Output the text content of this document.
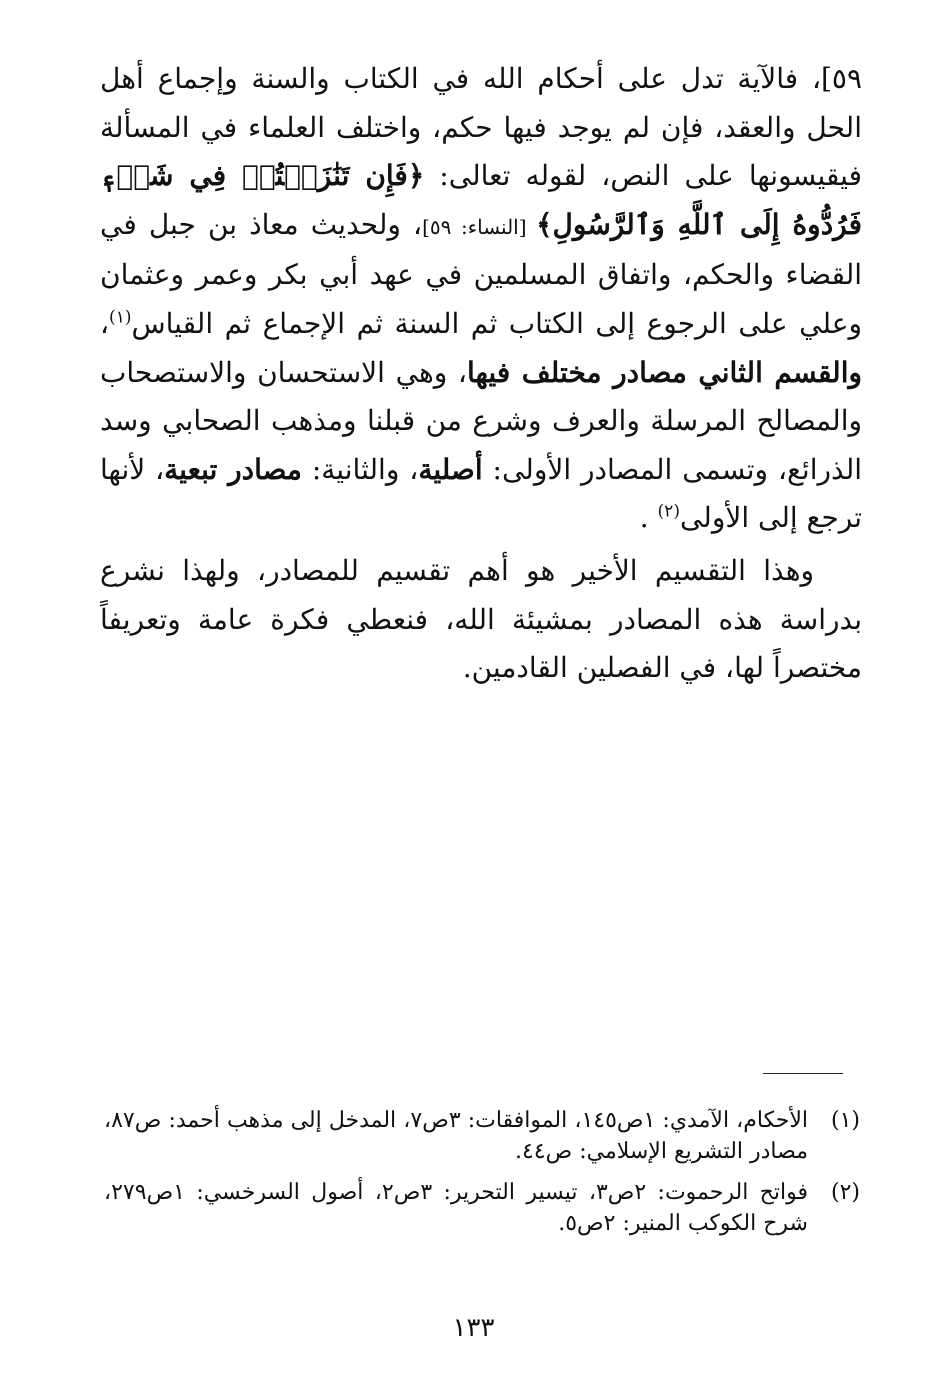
٥٩]، فالآية تدل على أحكام الله في الكتاب والسنة وإجماع أهل الحل والعقد، فإن لم يوجد فيها حكم، واختلف العلماء في المسألة فيقيسونها على النص، لقوله تعالى: ﴿فَإِن تَنَٰزَعۡتُمۡ فِي شَيۡءٖ فَرُدُّوهُ إِلَى ٱللَّهِ وَٱلرَّسُولِ﴾ [النساء: ٥٩]، ولحديث معاذ بن جبل في القضاء والحكم، واتفاق المسلمين في عهد أبي بكر وعمر وعثمان وعلي على الرجوع إلى الكتاب ثم السنة ثم الإجماع ثم القياس$^{(١)}$، والقسم الثاني مصادر مختلف فيها، وهي الاستحسان والاستصحاب والمصالح المرسلة والعرف وشرع من قبلنا ومذهب الصحابي وسد الذرائع، وتسمى المصادر الأولى: أصلية، والثانية: مصادر تبعية، لأنها ترجع إلى الأولى$^{(٢)}$ .

وهذا التقسيم الأخير هو أهم تقسيم للمصادر، ولهذا نشرع بدراسة هذه المصادر بمشيئة الله، فنعطي فكرة عامة وتعريفاً مختصراً لها، في الفصلين القادمين.

(١)
الأحكام، الآمدي: ١ص١٤٥، الموافقات: ٣ص٧، المدخل إلى مذهب أحمد: ص٨٧، مصادر التشريع الإسلامي: ص٤٤.
(٢)
فواتح الرحموت: ٢ص٣، تيسير التحرير: ٣ص٢، أصول السرخسي: ١ص٢٧٩، شرح الكوكب المنير: ٢ص٥.
١٣٣
